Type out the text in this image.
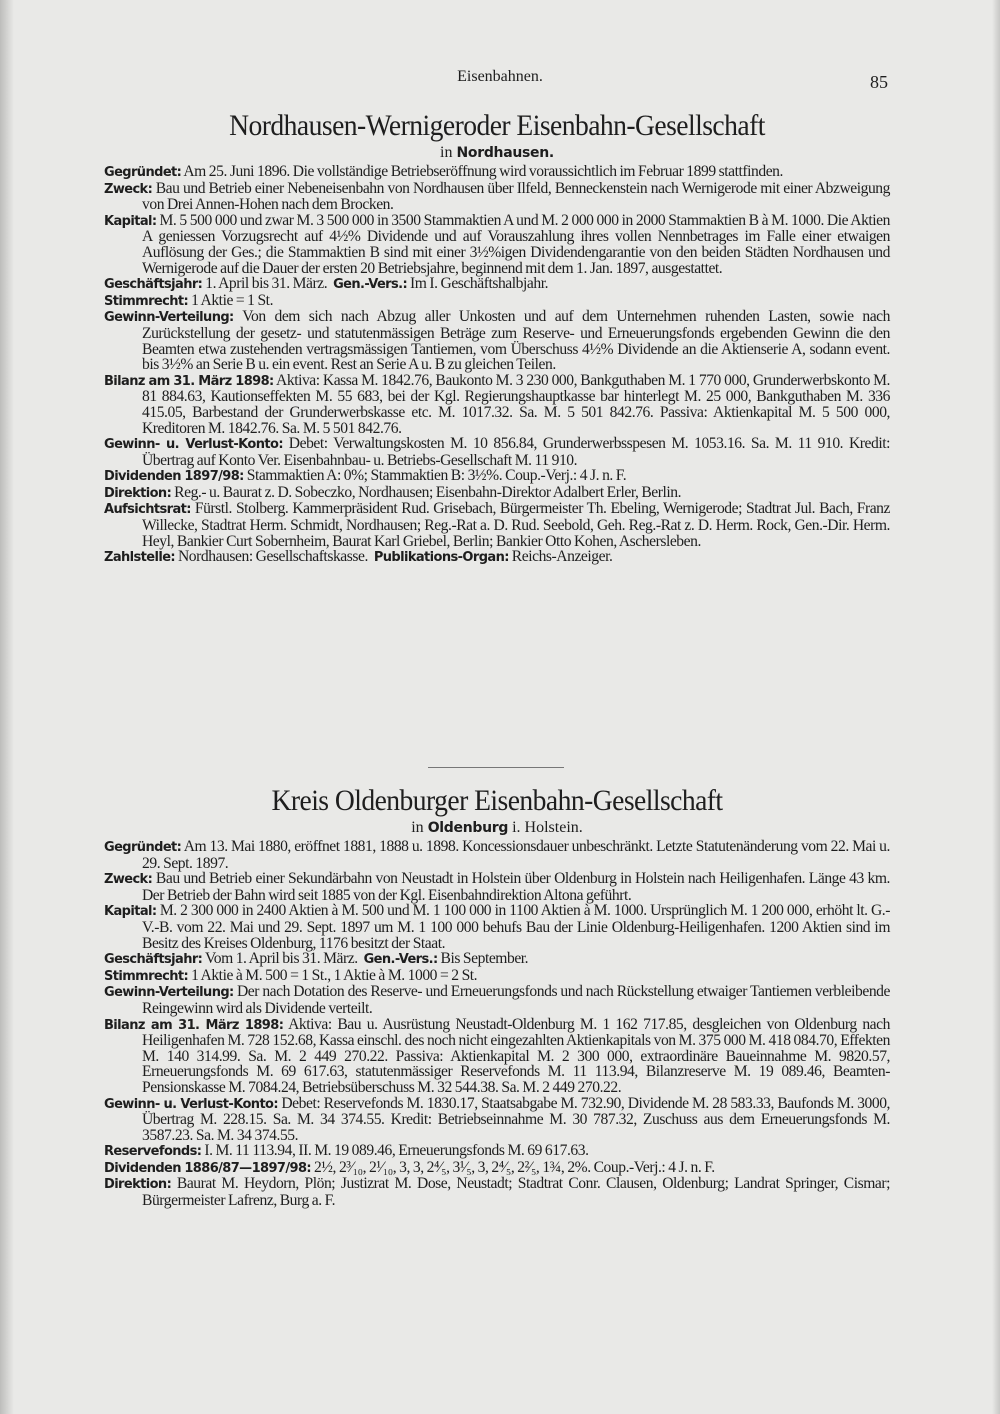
Eisenbahnen.	85
Nordhausen-Wernigeroder Eisenbahn-Gesellschaft
in Nordhausen.
Gegründet: Am 25. Juni 1896. Die vollständige Betriebseröffnung wird voraussichtlich im Februar 1899 stattfinden.
Zweck: Bau und Betrieb einer Nebeneisenbahn von Nordhausen über Ilfeld, Benneckenstein nach Wernigerode mit einer Abzweigung von Drei Annen-Hohen nach dem Brocken.
Kapital: M. 5 500 000 und zwar M. 3 500 000 in 3500 Stammaktien A und M. 2 000 000 in 2000 Stammaktien B à M. 1000. Die Aktien A geniessen Vorzugsrecht auf 4½% Dividende und auf Vorauszahlung ihres vollen Nennbetrages im Falle einer etwaigen Auflösung der Ges.; die Stammaktien B sind mit einer 3½%igen Dividendengarantie von den beiden Städten Nordhausen und Wernigerode auf die Dauer der ersten 20 Betriebsjahre, beginnend mit dem 1. Jan. 1897, ausgestattet.
Geschäftsjahr: 1. April bis 31. März. Gen.-Vers.: Im I. Geschäftshalbjahr.
Stimmrecht: 1 Aktie = 1 St.
Gewinn-Verteilung: Von dem sich nach Abzug aller Unkosten und auf dem Unternehmen ruhenden Lasten, sowie nach Zurückstellung der gesetz- und statutenmässigen Beträge zum Reserve- und Erneuerungsfonds ergebenden Gewinn die den Beamten etwa zustehenden vertragsmässigen Tantiemen, vom Überschuss 4½% Dividende an die Aktienserie A, sodann event. bis 3½% an Serie B u. ein event. Rest an Serie A u. B zu gleichen Teilen.
Bilanz am 31. März 1898: Aktiva: Kassa M. 1842.76, Baukonto M. 3 230 000, Bankguthaben M. 1 770 000, Grunderwerbskonto M. 81 884.63, Kautionseffekten M. 55 683, bei der Kgl. Regierungshauptkasse bar hinterlegt M. 25 000, Bankguthaben M. 336 415.05, Barbestand der Grunderwerbskasse etc. M. 1017.32. Sa. M. 5 501 842.76. Passiva: Aktienkapital M. 5 500 000, Kreditoren M. 1842.76. Sa. M. 5 501 842.76.
Gewinn- u. Verlust-Konto: Debet: Verwaltungskosten M. 10 856.84, Grunderwerbsspesen M. 1053.16. Sa. M. 11 910. Kredit: Übertrag auf Konto Ver. Eisenbahnbau- u. Betriebs-Gesellschaft M. 11 910.
Dividenden 1897/98: Stammaktien A: 0%; Stammaktien B: 3½%. Coup.-Verj.: 4 J. n. F.
Direktion: Reg.- u. Baurat z. D. Sobeczko, Nordhausen; Eisenbahn-Direktor Adalbert Erler, Berlin.
Aufsichtsrat: Fürstl. Stolberg. Kammerpräsident Rud. Grisebach, Bürgermeister Th. Ebeling, Wernigerode; Stadtrat Jul. Bach, Franz Willecke, Stadtrat Herm. Schmidt, Nordhausen; Reg.-Rat a. D. Rud. Seebold, Geh. Reg.-Rat z. D. Herm. Rock, Gen.-Dir. Herm. Heyl, Bankier Curt Sobernheim, Baurat Karl Griebel, Berlin; Bankier Otto Kohen, Aschersleben.
Zahlstelle: Nordhausen: Gesellschaftskasse. Publikations-Organ: Reichs-Anzeiger.
Kreis Oldenburger Eisenbahn-Gesellschaft
in Oldenburg i. Holstein.
Gegründet: Am 13. Mai 1880, eröffnet 1881, 1888 u. 1898. Koncessionsdauer unbeschränkt. Letzte Statutenänderung vom 22. Mai u. 29. Sept. 1897.
Zweck: Bau und Betrieb einer Sekundärbahn von Neustadt in Holstein über Oldenburg in Holstein nach Heiligenhafen. Länge 43 km. Der Betrieb der Bahn wird seit 1885 von der Kgl. Eisenbahndirektion Altona geführt.
Kapital: M. 2 300 000 in 2400 Aktien à M. 500 und M. 1 100 000 in 1100 Aktien à M. 1000. Ursprünglich M. 1 200 000, erhöht lt. G.-V.-B. vom 22. Mai und 29. Sept. 1897 um M. 1 100 000 behufs Bau der Linie Oldenburg-Heiligenhafen. 1200 Aktien sind im Besitz des Kreises Oldenburg, 1176 besitzt der Staat.
Geschäftsjahr: Vom 1. April bis 31. März. Gen.-Vers.: Bis September.
Stimmrecht: 1 Aktie à M. 500 = 1 St., 1 Aktie à M. 1000 = 2 St.
Gewinn-Verteilung: Der nach Dotation des Reserve- und Erneuerungsfonds und nach Rückstellung etwaiger Tantiemen verbleibende Reingewinn wird als Dividende verteilt.
Bilanz am 31. März 1898: Aktiva: Bau u. Ausrüstung Neustadt-Oldenburg M. 1 162 717.85, desgleichen von Oldenburg nach Heiligenhafen M. 728 152.68, Kassa einschl. des noch nicht eingezahlten Aktienkapitals von M. 375 000 M. 418 084.70, Effekten M. 140 314.99. Sa. M. 2 449 270.22. Passiva: Aktienkapital M. 2 300 000, extraordinäre Baueinnahme M. 9820.57, Erneuerungsfonds M. 69 617.63, statutenmässiger Reservefonds M. 11 113.94, Bilanzreserve M. 19 089.46, Beamten-Pensionskasse M. 7084.24, Betriebsüberschuss M. 32 544.38. Sa. M. 2 449 270.22.
Gewinn- u. Verlust-Konto: Debet: Reservefonds M. 1830.17, Staatsabgabe M. 732.90, Dividende M. 28 583.33, Baufonds M. 3000, Übertrag M. 228.15. Sa. M. 34 374.55. Kredit: Betriebseinnahme M. 30 787.32, Zuschuss aus dem Erneuerungsfonds M. 3587.23. Sa. M. 34 374.55.
Reservefonds: I. M. 11 113.94, II. M. 19 089.46, Erneuerungsfonds M. 69 617.63.
Dividenden 1886/87—1897/98: 2½, 2³⁄₁₀, 2¹⁄₁₀, 3, 3, 2⁴⁄₅, 3¹⁄₅, 3, 2⁴⁄₅, 2²⁄₅, 1¾, 2%. Coup.-Verj.: 4 J. n. F.
Direktion: Baurat M. Heydorn, Plön; Justizrat M. Dose, Neustadt; Stadtrat Conr. Clausen, Oldenburg; Landrat Springer, Cismar; Bürgermeister Lafrenz, Burg a. F.
